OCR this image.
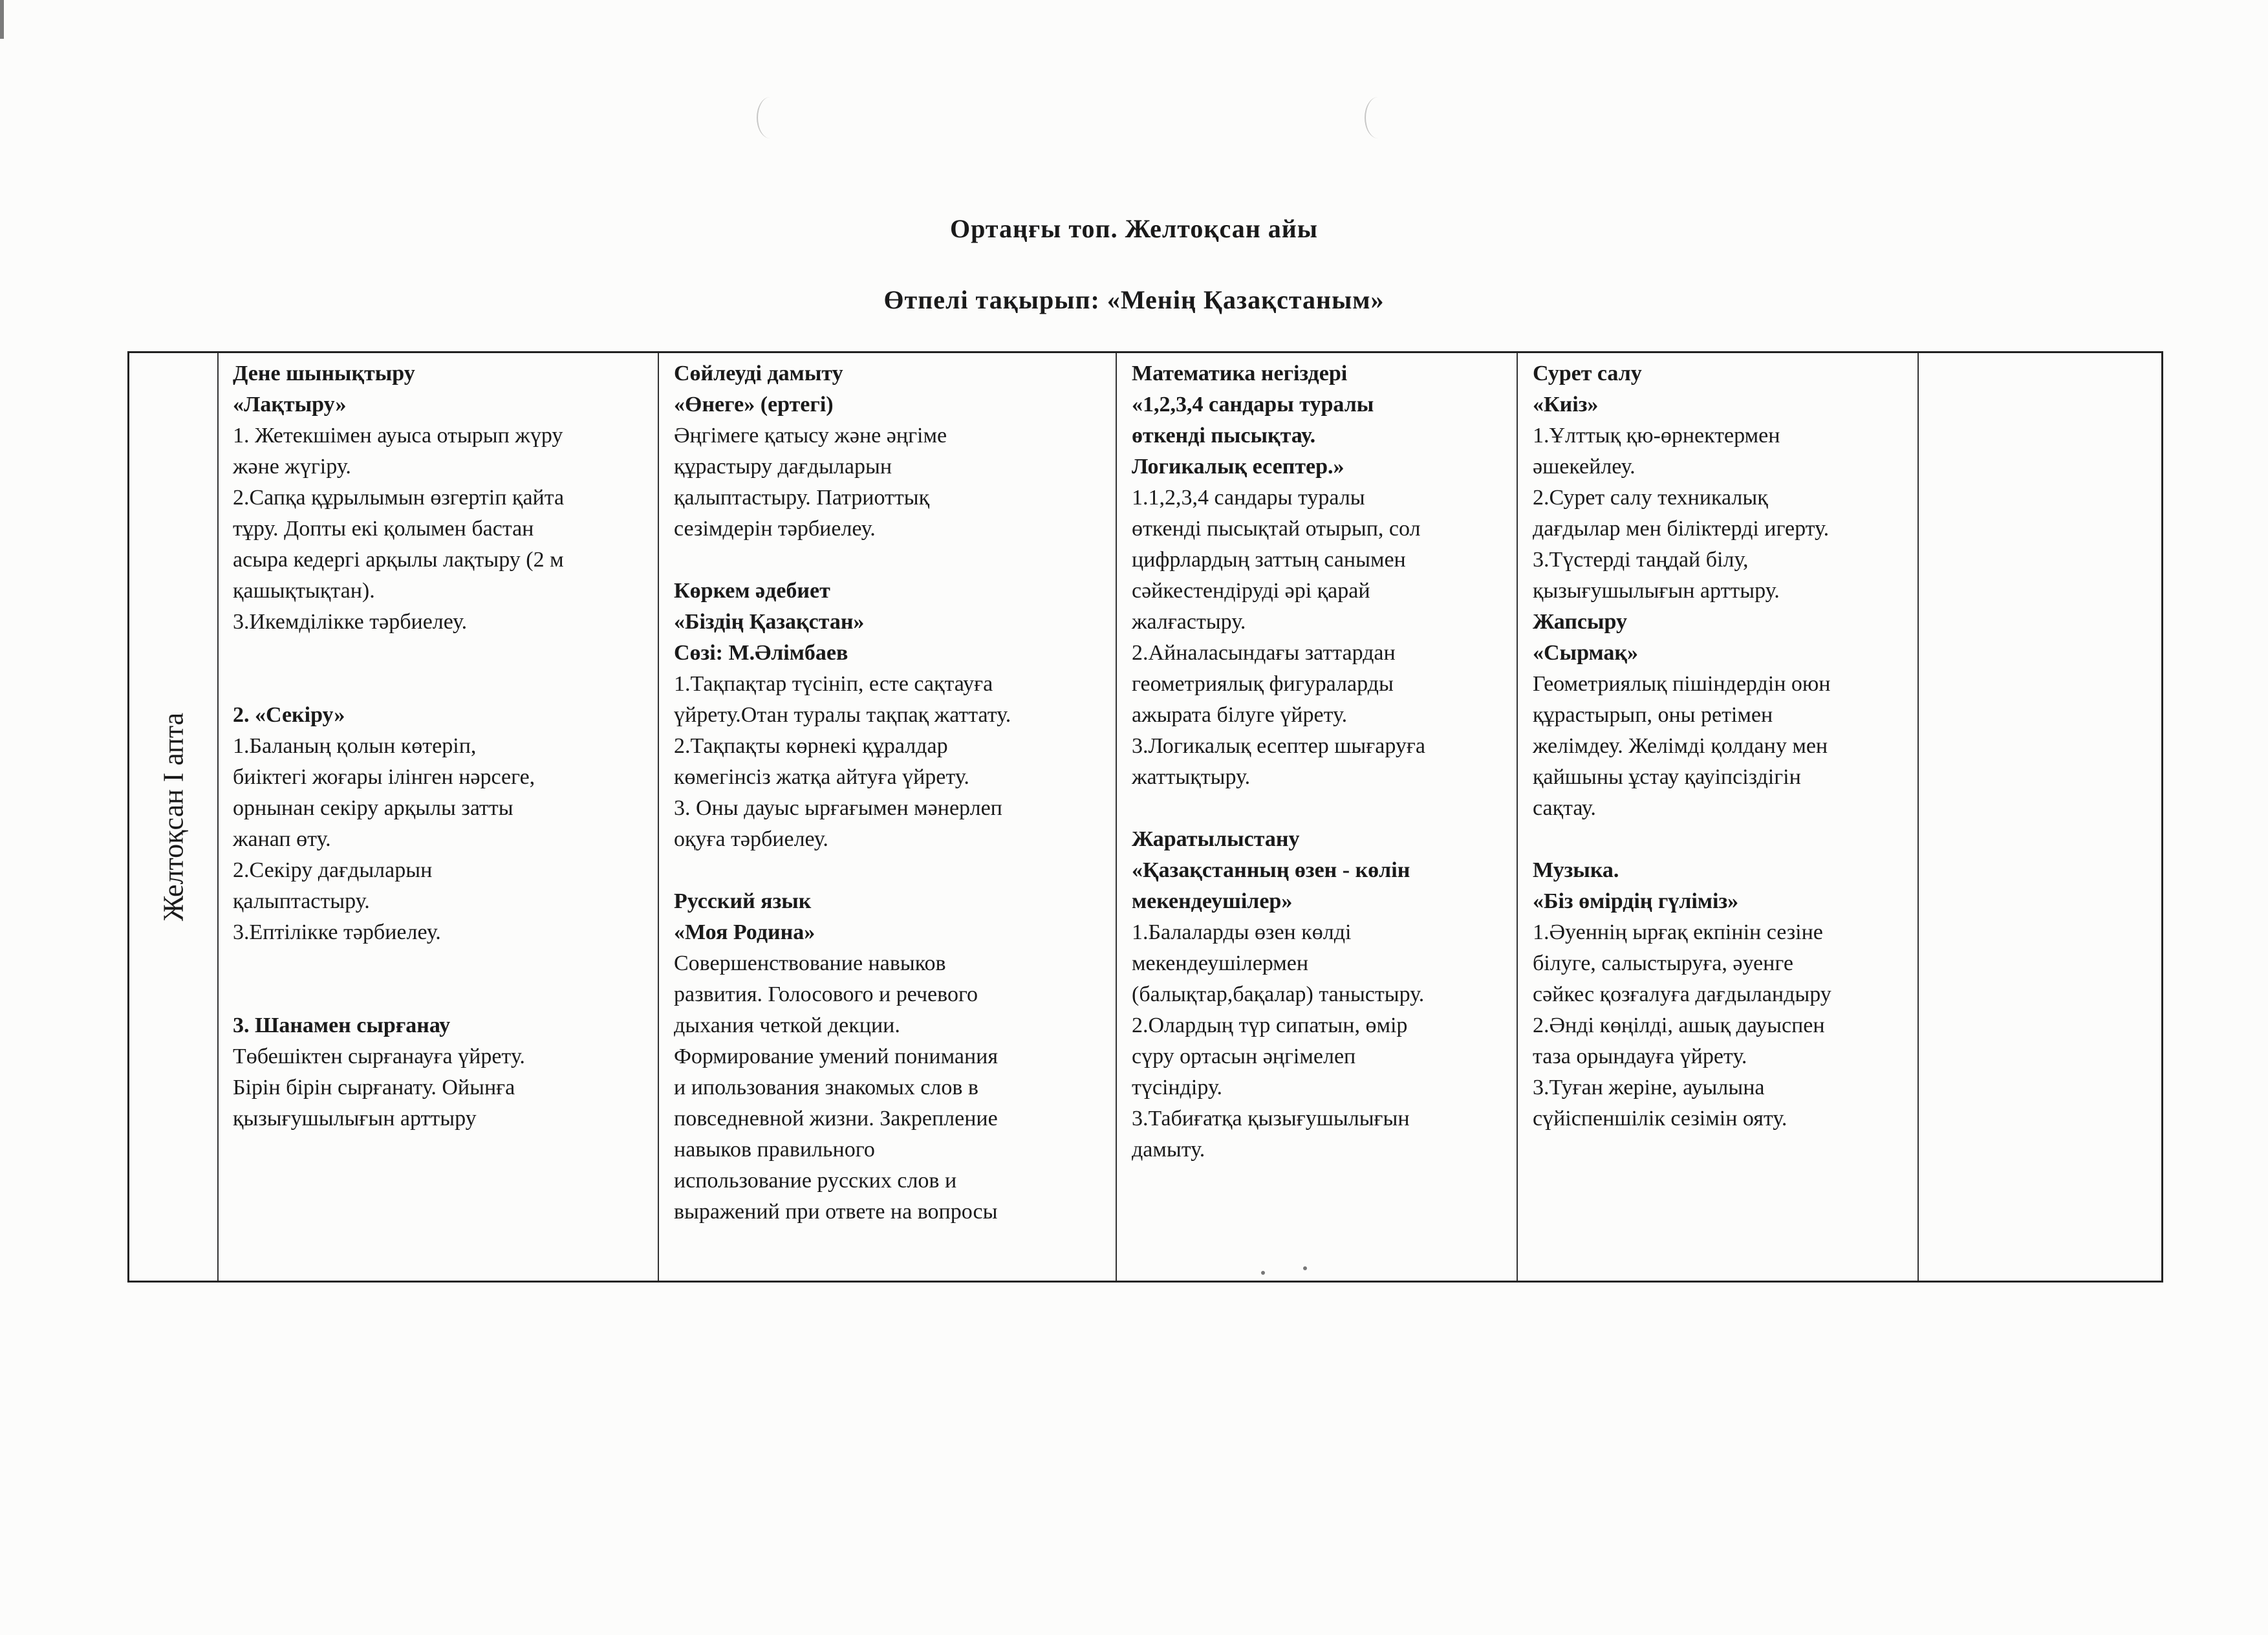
Ортаңғы топ. Желтоқсан айы
Өтпелі тақырып: «Менің Қазақстаным»
Желтоқсан I апта

Дене шынықтыру

«Лақтыру»

1. Жетекшімен ауыса отырып жүру

және жүгіру.

2.Сапқа құрылымын өзгертіп қайта

тұру. Допты екі қолымен бастан

асыра кедергі арқылы лақтыру (2 м

қашықтықтан).

3.Икемділікке тәрбиелеу.

2. «Секіру»

1.Баланың қолын көтеріп,

биіктегі жоғары ілінген нәрсеге,

орнынан секіру арқылы затты

жанап өту.

2.Секіру дағдыларын

қалыптастыру.

3.Ептілікке тәрбиелеу.

3. Шанамен сырғанау

Төбешіктен сырғанауға үйрету.

Бірін бірін сырғанату. Ойынға

қызығушылығын арттыру

Сөйлеуді дамыту

«Өнеге» (ертегі)

Әңгімеге қатысу және әңгіме

құрастыру дағдыларын

қалыптастыру. Патриоттық

сезімдерін тәрбиелеу.

Көркем әдебиет

«Біздің Қазақстан»

Сөзі: М.Әлімбаев

1.Тақпақтар түсініп, есте сақтауға

үйрету.Отан туралы тақпақ жаттату.

2.Тақпақты көрнекі құралдар

көмегінсіз жатқа айтуға үйрету.

3. Оны дауыс ырғағымен мәнерлеп

оқуға тәрбиелеу.

Русский язык

«Моя Родина»

Совершенствование навыков

развития. Голосового и речевого

дыхания четкой декции.

Формирование умений понимания

и ипользования знакомых слов в

повседневной жизни. Закрепление

навыков правильного

использование русских слов и

выражений при ответе на вопросы

Математика негіздері

«1,2,3,4 сандары туралы

өткенді пысықтау.

Логикалық есептер.»

1.1,2,3,4 сандары туралы

өткенді пысықтай отырып, сол

цифрлардың заттың санымен

сәйкестендіруді әрі қарай

жалғастыру.

2.Айналасындағы заттардан

геометриялық фигураларды

ажырата білуге үйрету.

3.Логикалық есептер шығаруға

жаттықтыру.

Жаратылыстану

«Қазақстанның өзен - көлін

мекендеушілер»

1.Балаларды өзен көлді

мекендеушілермен

(балықтар,бақалар) таныстыру.

2.Олардың түр сипатын, өмір

сүру ортасын әңгімелеп

түсіндіру.

3.Табиғатқа қызығушылығын

дамыту.

Сурет салу

«Киіз»

1.Ұлттық қю-өрнектермен

әшекейлеу.

2.Сурет салу техникалық

дағдылар мен біліктерді игерту.

3.Түстерді таңдай білу,

қызығушылығын арттыру.

Жапсыру

«Сырмақ»

Геометриялық пішіндердін оюн

құрастырып, оны ретімен

желімдеу. Желімді қолдану мен

қайшыны ұстау қауіпсіздігін

сақтау.

Музыка.

«Біз өмірдің гүліміз»

1.Әуеннің ырғақ екпінін сезіне

білуге, салыстыруға, әуенге

сәйкес қозғалуға дағдыландыру

2.Әнді көңілді, ашық дауыспен

таза орындауға үйрету.

3.Туған жеріне, ауылына

сүйіспеншілік сезімін ояту.
